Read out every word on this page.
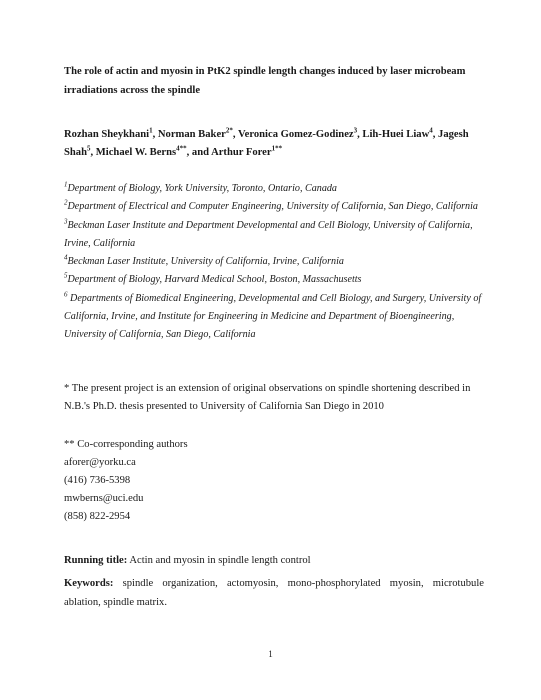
The role of actin and myosin in PtK2 spindle length changes induced by laser microbeam irradiations across the spindle
Rozhan Sheykhani$^1$, Norman Baker$^{2*}$, Veronica Gomez-Godinez$^3$, Lih-Huei Liaw$^4$, Jagesh Shah$^5$, Michael W. Berns$^{4**}$, and Arthur Forer$^{1**}$
$^1$Department of Biology, York University, Toronto, Ontario, Canada
$^2$Department of Electrical and Computer Engineering, University of California, San Diego, California
$^3$Beckman Laser Institute and Department Developmental and Cell Biology, University of California, Irvine, California
$^4$Beckman Laser Institute, University of California, Irvine, California
$^5$Department of Biology, Harvard Medical School, Boston, Massachusetts
$^6$ Departments of Biomedical Engineering, Developmental and Cell Biology, and Surgery, University of California, Irvine, and Institute for Engineering in Medicine and Department of Bioengineering, University of California, San Diego, California
* The present project is an extension of original observations on spindle shortening described in N.B.'s Ph.D. thesis presented to University of California San Diego in 2010
** Co-corresponding authors
aforer@yorku.ca
(416) 736-5398
mwberns@uci.edu
(858) 822-2954
Running title: Actin and myosin in spindle length control
Keywords: spindle organization, actomyosin, mono-phosphorylated myosin, microtubule ablation, spindle matrix.
1
